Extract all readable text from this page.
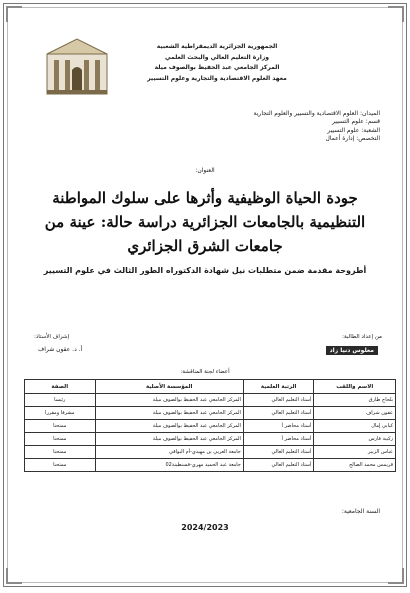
الجمهورية الجزائرية الديمقراطية الشعبية
وزارة التعليم العالي والبحث العلمي
المركز الجامعي عبد الحفيظ بوالصوف ميلة
معهد العلوم الاقتصادية والتجارية وعلوم التسيير
الميدان: العلوم الاقتصادية والتسيير والعلوم التجارية
قسم: علوم التسيير
الشعبة: علوم التسيير
التخصص: إدارة أعمال
العنوان:
جودة الحياة الوظيفية وأثرها على سلوك المواطنة التنظيمية بالجامعات الجزائرية دراسة حالة: عينة من جامعات الشرق الجزائري
أطروحة مقدمة ضمن متطلبات نيل شهادة الدكتوراه الطور الثالث في علوم التسيير
من إعداد الطالبة:
إشراف الأستاذ:
معلوس دنيا زاد
أ. د. عقون شراف
أعضاء لجنة المناقشة:
الاسم واللقب	الرتبة العلمية	المؤسسة الأصلية	الصفة
بلحاج طارق	أستاذ التعليم العالي	المركز الجامعي عبد الحفيظ بوالصوف ميلة	رئيسا
عقون شراف	أستاذ التعليم العالي	المركز الجامعي عبد الحفيظ بوالصوف ميلة	مشرفا ومقررا
كبابي إمال	أستاذ محاضر أ	المركز الجامعي عبد الحفيظ بوالصوف ميلة	ممتحنا
زكيبة فارس	أستاذ محاضر أ	المركز الجامعي عبد الحفيظ بوالصوف ميلة	ممتحنا
عباس الزبير	أستاذ التعليم العالي	جامعة العربي بن مهيدي-أم البواقي	ممتحنا
قريمس محمد الصالح	أستاذ التعليم العالي	جامعة عبد الحميد مهري-قسنطينة02	ممتحنا
السنة الجامعية:
2024/2023
